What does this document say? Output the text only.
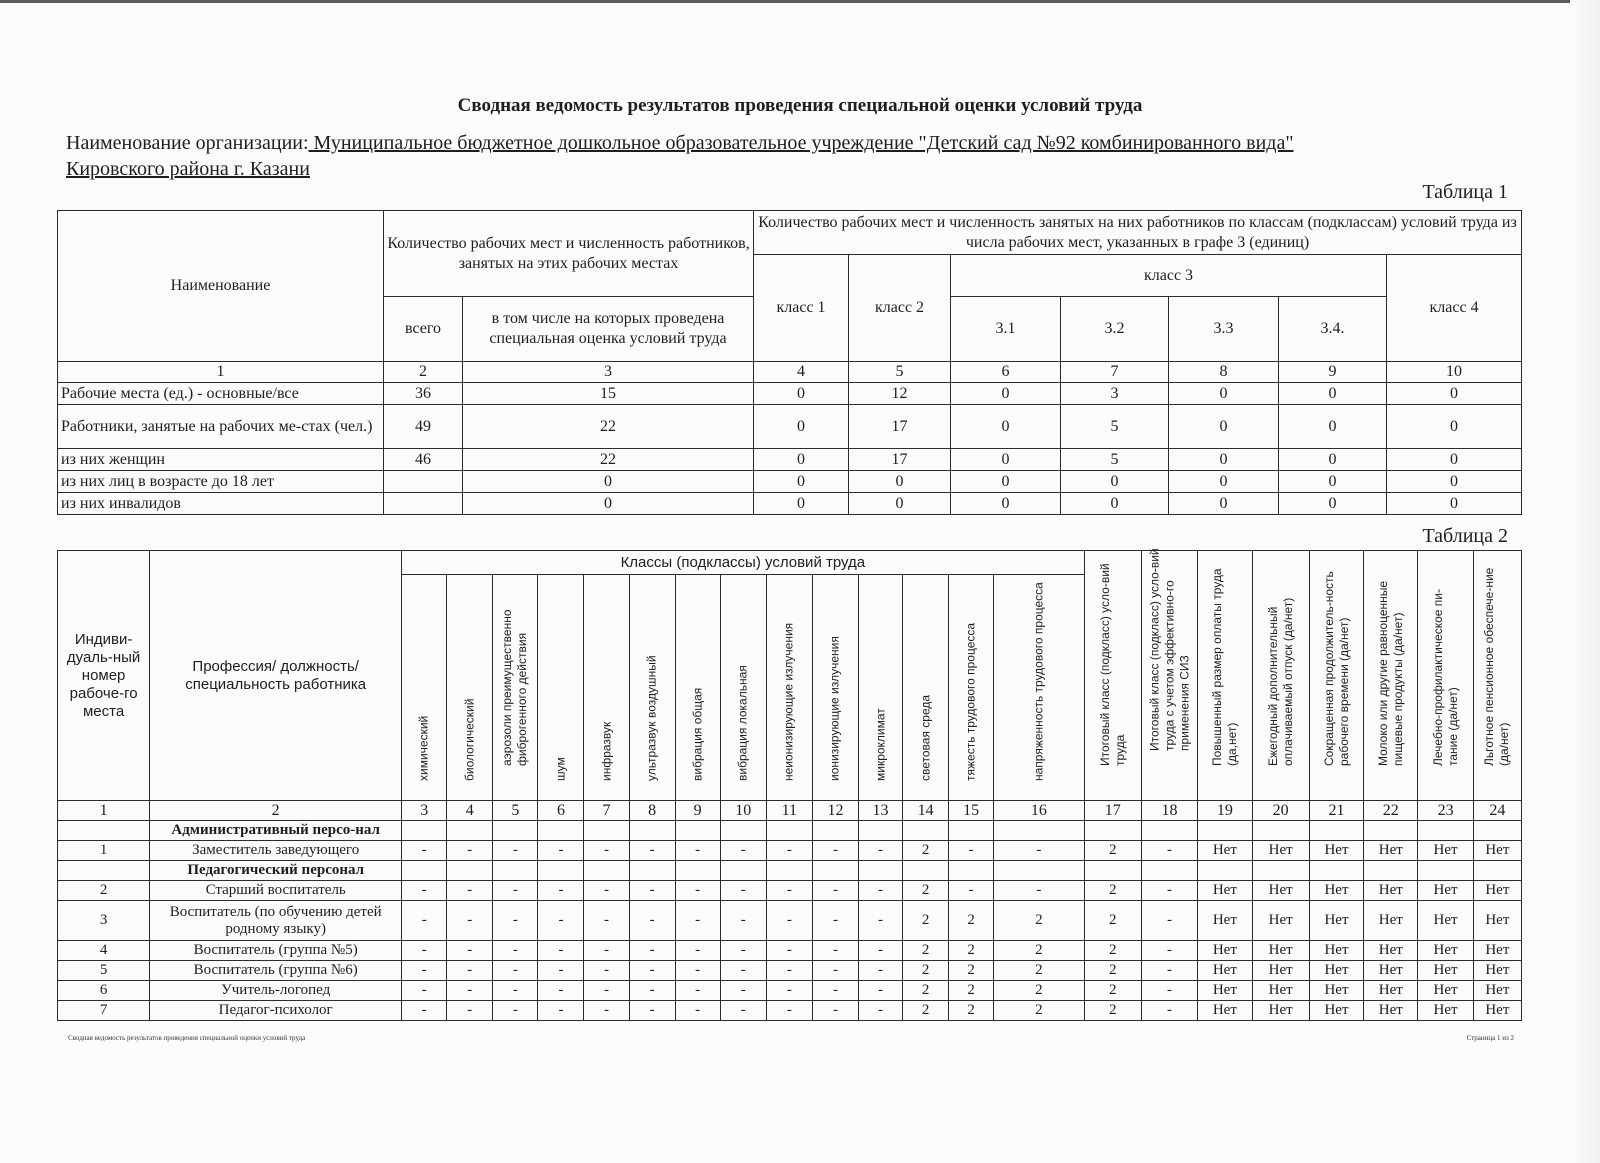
Сводная ведомость результатов проведения специальной оценки условий труда
Наименование организации: Муниципальное бюджетное дошкольное образовательное учреждение "Детский сад №92 комбинированного вида"
Кировского района г. Казани
Таблица 1
Наименование	Количество рабочих мест и численность работников, занятых на этих рабочих местах		Количество рабочих мест и численность занятых на них работников по классам (подклассам) условий труда из числа рабочих мест, указанных в графе 3 (единиц)						
			класс 1	класс 2	класс 3				класс 4
	всего	в том числе на которых проведена специальная оценка условий труда			3.1	3.2	3.3	3.4.	
1	2	3	4	5	6	7	8	9	10
Рабочие места (ед.) - основные/все	36	15	0	12	0	3	0	0	0
Работники, занятые на рабочих ме-стах (чел.)	49	22	0	17	0	5	0	0	0
из них женщин	46	22	0	17	0	5	0	0	0
из них лиц в возрасте до 18 лет		0	0	0	0	0	0	0	0
из них инвалидов		0	0	0	0	0	0	0	0
Таблица 2
Индиви-дуаль-ный номер рабоче-го места	Профессия/ должность/ специальность работника	Классы (подклассы) условий труда														Итоговый класс (подкласс) усло-вий труда	Итоговый класс (подкласс) усло-вий труда с учетом эффективно-го применения СИЗ	Повышенный размер оплаты труда (да,нет)	Ежегодный дополнительный оплачиваемый отпуск (да/нет)	Сокращенная продолжитель-ность рабочего времени (да/нет)	Молоко или другие равноценные пищевые продукты (да/нет)	Лечебно-профилактическое пи-тание (да/нет)	Льготное пенсионное обеспече-ние (да/нет)

		химический	биологический	аэрозоли преимущественно фиброгенного действия	шум	инфразвук	ультразвук воздушный	вибрация общая	вибрация локальная	неионизирующие излучения	ионизирующие излучения	микроклимат	световая среда	тяжесть трудового процесса	напряженность трудового процесса								

1	2	3	4	5	6	7	8	9	10	11	12	13	14	15	16	17	18	19	20	21	22	23	24
	Административный персо-нал																						
1	Заместитель заведующего	-	-	-	-	-	-	-	-	-	-	-	2	-	-	2	-	Нет	Нет	Нет	Нет	Нет	Нет
	Педагогический персонал																						
2	Старший воспитатель	-	-	-	-	-	-	-	-	-	-	-	2	-	-	2	-	Нет	Нет	Нет	Нет	Нет	Нет
3	Воспитатель (по обучению детей родному языку)	-	-	-	-	-	-	-	-	-	-	-	2	2	2	2	-	Нет	Нет	Нет	Нет	Нет	Нет
4	Воспитатель (группа №5)	-	-	-	-	-	-	-	-	-	-	-	2	2	2	2	-	Нет	Нет	Нет	Нет	Нет	Нет
5	Воспитатель (группа №6)	-	-	-	-	-	-	-	-	-	-	-	2	2	2	2	-	Нет	Нет	Нет	Нет	Нет	Нет
6	Учитель-логопед	-	-	-	-	-	-	-	-	-	-	-	2	2	2	2	-	Нет	Нет	Нет	Нет	Нет	Нет
7	Педагог-психолог	-	-	-	-	-	-	-	-	-	-	-	2	2	2	2	-	Нет	Нет	Нет	Нет	Нет	Нет
Сводная ведомость результатов проведения специальной оценки условий труда	Страница 1 из 2
